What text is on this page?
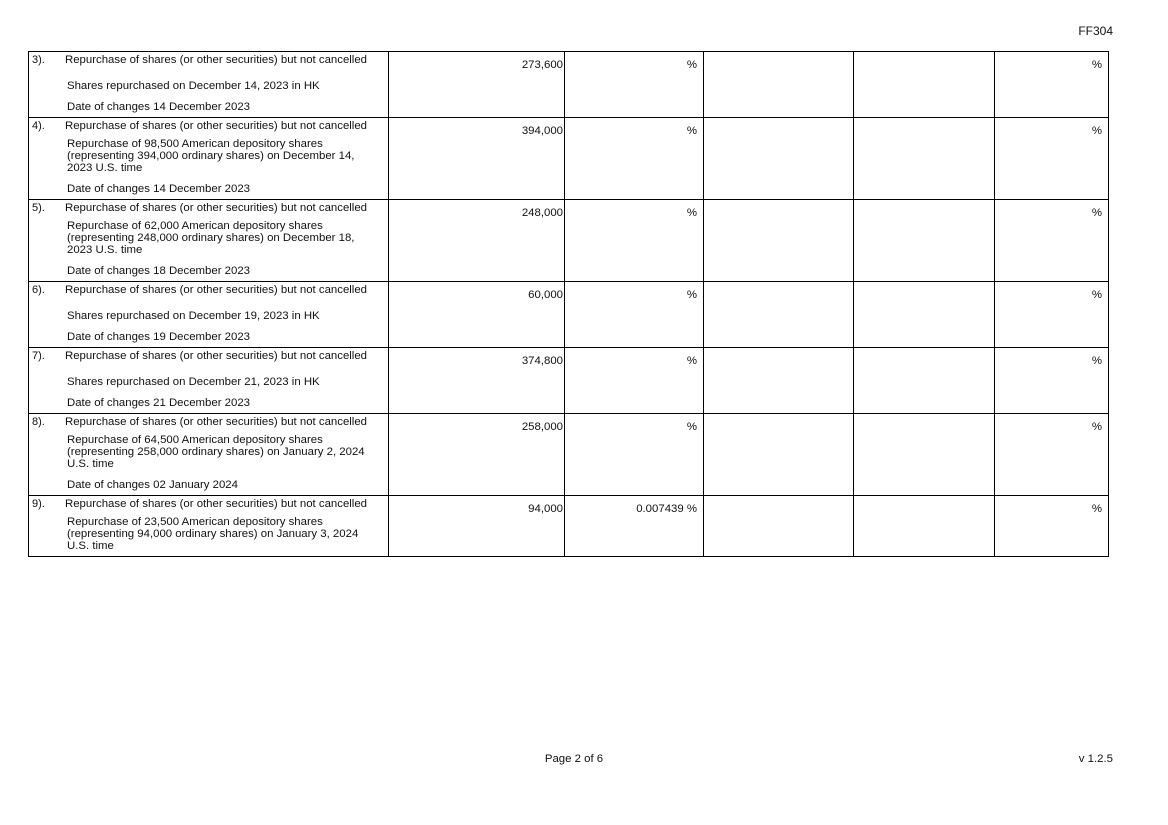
FF304
3).	Repurchase of shares (or other securities) but not cancelled
Shares repurchased on December 14, 2023 in HK
Date of changes 14 December 2023	273,600	%			%
4).	Repurchase of shares (or other securities) but not cancelled
Repurchase of 98,500 American depository shares (representing 394,000 ordinary shares) on December 14, 2023 U.S. time
Date of changes 14 December 2023	394,000	%			%
5).	Repurchase of shares (or other securities) but not cancelled
Repurchase of 62,000 American depository shares (representing 248,000 ordinary shares) on December 18, 2023 U.S. time
Date of changes 18 December 2023	248,000	%			%
6).	Repurchase of shares (or other securities) but not cancelled
Shares repurchased on December 19, 2023 in HK
Date of changes 19 December 2023	60,000	%			%
7).	Repurchase of shares (or other securities) but not cancelled
Shares repurchased on December 21, 2023 in HK
Date of changes 21 December 2023	374,800	%			%
8).	Repurchase of shares (or other securities) but not cancelled
Repurchase of 64,500 American depository shares (representing 258,000 ordinary shares) on January 2, 2024 U.S. time
Date of changes 02 January 2024	258,000	%			%
9).	Repurchase of shares (or other securities) but not cancelled
Repurchase of 23,500 American depository shares (representing 94,000 ordinary shares) on January 3, 2024 U.S. time	94,000	0.007439 %			%
Page 2 of 6	v 1.2.5
